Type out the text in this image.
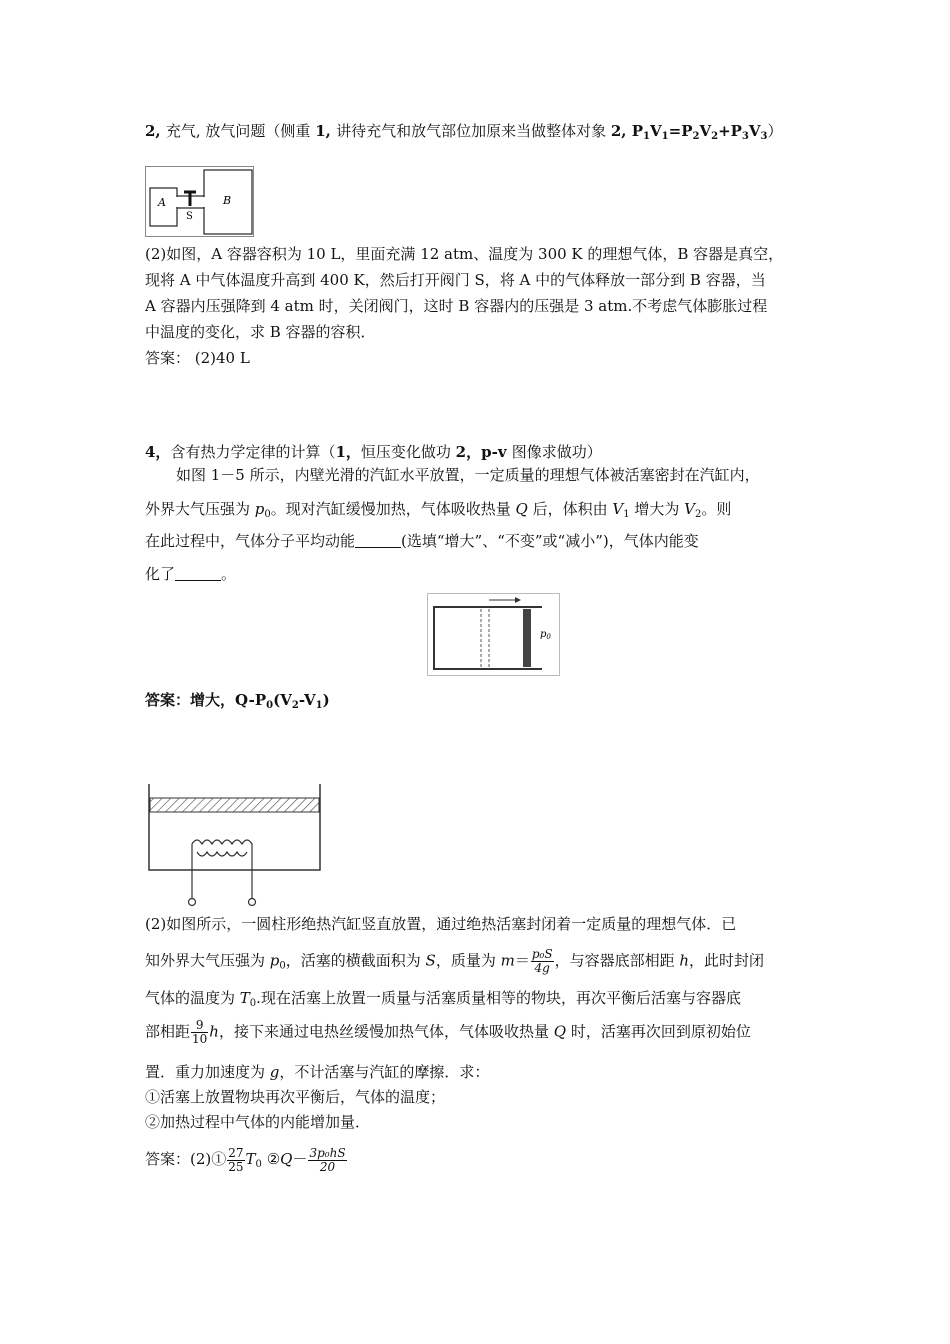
2, 充气, 放气问题（侧重 1, 讲待充气和放气部位加原来当做整体对象 2, $P_1V_1=P_2V_2+P_3V_3$）
A
S
B
(2)如图，A 容器容积为 10 L，里面充满 12 atm、温度为 300 K 的理想气体，B 容器是真空，
现将 A 中气体温度升高到 400 K，然后打开阀门 S，将 A 中的气体释放一部分到 B 容器，当
A 容器内压强降到 4 atm 时，关闭阀门，这时 B 容器内的压强是 3 atm.不考虑气体膨胀过程
中温度的变化，求 B 容器的容积．
答案： (2)40 L
4，含有热力学定律的计算（1，恒压变化做功 2，p-v 图像求做功）
如图 1－5 所示，内壁光滑的汽缸水平放置，一定质量的理想气体被活塞密封在汽缸内，
外界大气压强为 $p_0$。现对汽缸缓慢加热，气体吸收热量 Q 后，体积由 $V_1$ 增大为 $V_2$。则
在此过程中，气体分子平均动能	(选填“增大”、“不变”或“减小”)，气体内能变
化了	。
$p_0$
答案：增大，$Q-P_0(V_2-V_1)$
(2)如图所示，一圆柱形绝热汽缸竖直放置，通过绝热活塞封闭着一定质量的理想气体．已
知外界大气压强为 $p_0$，活塞的横截面积为 S，质量为 $m= \frac{\text{p₀S}}{4g}$ ，与容器底部相距 h，此时封闭
气体的温度为 $T_0$.现在活塞上放置一质量与活塞质量相等的物块，再次平衡后活塞与容器底
部相距 $\frac{9}{10}$ h，接下来通过电热丝缓慢加热气体，气体吸收热量 Q 时，活塞再次回到原初始位
置．重力加速度为 g，不计活塞与汽缸的摩擦．求：
①活塞上放置物块再次平衡后，气体的温度；
②加热过程中气体的内能增加量．
答案：(2)① $\frac{27}{25} T_0$ ②Q－ $\frac{\text{3p₀hS}}{20}$
